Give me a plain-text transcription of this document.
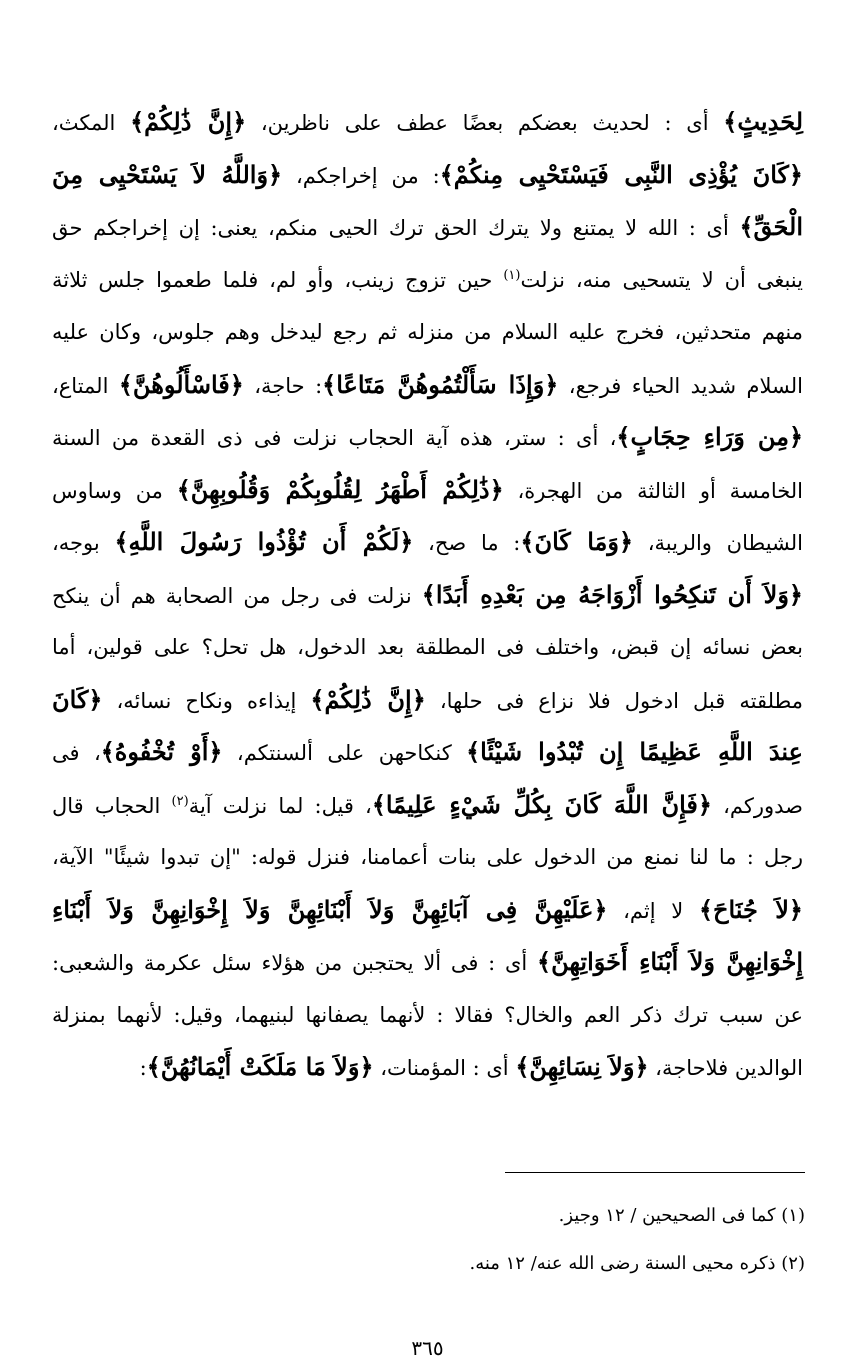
لِحَدِيثٍ﴾ أى : لحديث بعضكم بعضًا عطف على ناظرين، ﴿إِنَّ ذَٰلِكُمْ﴾ المكث،
﴿كَانَ يُؤْذِى النَّبِى فَيَسْتَحْيِى مِنكُمْ﴾: من إخراجكم، ﴿وَاللَّهُ لاَ يَسْتَحْيِى مِنَ
الْحَقِّ﴾ أى : الله لا يمتنع ولا يترك الحق ترك الحيى منكم، يعنى: إن إخراجكم حق
ينبغى أن لا يتسحيى منه، نزلت$^{(١)}$ حين تزوج زينب، وأو لم، فلما طعموا جلس ثلاثة
منهم متحدثين، فخرج عليه السلام من منزله ثم رجع ليدخل وهم جلوس، وكان عليه
السلام شديد الحياء فرجع، ﴿وَإِذَا سَأَلْتُمُوهُنَّ مَتَاعًا﴾: حاجة، ﴿فَاسْأَلُوهُنَّ﴾ المتاع،
﴿مِن وَرَاءِ حِجَابٍ﴾، أى : ستر، هذه آية الحجاب نزلت فى ذى القعدة من السنة
الخامسة أو الثالثة من الهجرة، ﴿ذَٰلِكُمْ أَطْهَرُ لِقُلُوبِكُمْ وَقُلُوبِهِنَّ﴾ من وساوس
الشيطان والريبة، ﴿وَمَا كَانَ﴾: ما صح، ﴿لَكُمْ أَن تُؤْذُوا رَسُولَ اللَّهِ﴾ بوجه،
﴿وَلاَ أَن تَنكِحُوا أَزْوَاجَهُ مِن بَعْدِهِ أَبَدًا﴾ نزلت فى رجل من الصحابة هم أن ينكح
بعض نسائه إن قبض، واختلف فى المطلقة بعد الدخول، هل تحل؟ على قولين، أما
مطلقته قبل ادخول فلا نزاع فى حلها، ﴿إِنَّ ذَٰلِكُمْ﴾ إيذاءه ونكاح نسائه، ﴿كَانَ
عِندَ اللَّهِ عَظِيمًا إِن تُبْدُوا شَيْئًا﴾ كنكاحهن على ألسنتكم، ﴿أَوْ تُخْفُوهُ﴾، فى
صدوركم، ﴿فَإِنَّ اللَّهَ كَانَ بِكُلِّ شَيْءٍ عَلِيمًا﴾، قيل: لما نزلت آية$^{(٢)}$ الحجاب قال
رجل : ما لنا نمنع من الدخول على بنات أعمامنا، فنزل قوله: "إن تبدوا شيئًا" الآية،
﴿لاَ جُنَاحَ﴾ لا إثم، ﴿عَلَيْهِنَّ فِى آبَائِهِنَّ وَلاَ أَبْنَائِهِنَّ وَلاَ إِخْوَانِهِنَّ وَلاَ أَبْنَاءِ
إِخْوَانِهِنَّ وَلاَ أَبْنَاءِ أَخَوَاتِهِنَّ﴾ أى : فى ألا يحتجبن من هؤلاء سئل عكرمة والشعبى:
عن سبب ترك ذكر العم والخال؟ فقالا : لأنهما يصفانها لبنيهما، وقيل: لأنهما بمنزلة
الوالدين فلاحاجة، ﴿وَلاَ نِسَائِهِنَّ﴾ أى : المؤمنات، ﴿وَلاَ مَا مَلَكَتْ أَيْمَانُهُنَّ﴾:
(١) كما فى الصحيحين / ١٢ وجيز.
(٢) ذكره محيى السنة رضى الله عنه/ ١٢ منه.
٣٦٥
